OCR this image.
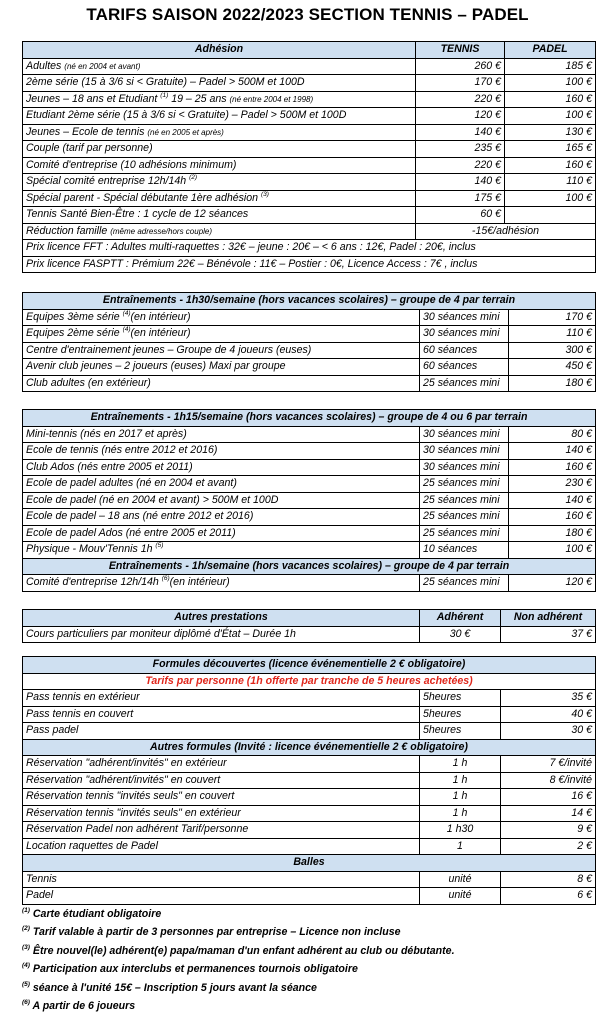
TARIFS SAISON 2022/2023 SECTION TENNIS – PADEL
Adhésion	TENNIS	PADEL
Adultes (né en 2004 et avant)	260 €	185 €
2ème série (15 à 3/6 si < Gratuite) – Padel > 500M et 100D	170 €	100 €
Jeunes – 18 ans et Etudiant $^{(1)}$ 19 – 25 ans (né entre 2004 et 1998)	220 €	160 €
Etudiant 2ème série (15 à 3/6 si < Gratuite) – Padel > 500M et 100D	120 €	100 €
Jeunes – Ecole de tennis (né en 2005 et après)	140 €	130 €
Couple (tarif par personne)	235 €	165 €
Comité d'entreprise (10 adhésions minimum)	220 €	160 €
Spécial comité entreprise 12h/14h $^{(2)}$	140 €	110 €
Spécial parent - Spécial débutante 1ère adhésion $^{(3)}$	175 €	100 €
Tennis Santé Bien-Être : 1 cycle de 12 séances	60 €	
Réduction famille (même adresse/hors couple)	-15€/adhésion	
Prix licence FFT : Adultes multi-raquettes : 32€ – jeune : 20€ – < 6 ans : 12€, Padel : 20€, inclus		
Prix licence FASPTT : Prémium 22€ – Bénévole : 11€ – Postier : 0€, Licence Access : 7€ , inclus		
Entraînements - 1h30/semaine (hors vacances scolaires) – groupe de 4 par terrain		
Equipes 3ème série $^{(4)}$(en intérieur)	30 séances mini	170 €
Equipes 2ème série $^{(4)}$(en intérieur)	30 séances mini	110 €
Centre d'entrainement jeunes – Groupe de 4 joueurs (euses)	60 séances	300 €
Avenir club jeunes – 2 joueurs (euses) Maxi par groupe	60 séances	450 €
Club adultes (en extérieur)	25 séances mini	180 €
Entraînements - 1h15/semaine (hors vacances scolaires) – groupe de 4 ou 6 par terrain		
Mini-tennis (nés en 2017 et après)	30 séances mini	80 €
Ecole de tennis (nés entre 2012 et 2016)	30 séances mini	140 €
Club Ados (nés entre 2005 et 2011)	30 séances mini	160 €
Ecole de padel adultes (né en 2004 et avant)	25 séances mini	230 €
Ecole de padel (né en 2004 et avant) > 500M et 100D	25 séances mini	140 €
Ecole de padel – 18 ans (né entre 2012 et 2016)	25 séances mini	160 €
Ecole de padel Ados (né entre 2005 et 2011)	25 séances mini	180 €
Physique - Mouv'Tennis 1h $^{(5)}$	10 séances	100 €
Entraînements - 1h/semaine (hors vacances scolaires) – groupe de 4 par terrain		
Comité d'entreprise 12h/14h $^{(6)}$(en intérieur)	25 séances mini	120 €
Autres prestations	Adhérent	Non adhérent
Cours particuliers par moniteur diplômé d'État – Durée 1h	30 €	37 €
Formules découvertes (licence événementielle 2 € obligatoire)		
Tarifs par personne (1h offerte par tranche de 5 heures achetées)		
Pass tennis en extérieur	5heures	35 €
Pass tennis en couvert	5heures	40 €
Pass padel	5heures	30 €
Autres formules (Invité : licence événementielle 2 € obligatoire)		
Réservation "adhérent/invités" en extérieur	1 h	7 €/invité
Réservation "adhérent/invités" en couvert	1 h	8 €/invité
Réservation tennis "invités seuls" en couvert	1 h	16 €
Réservation tennis "invités seuls" en extérieur	1 h	14 €
Réservation Padel non adhérent Tarif/personne	1 h30	9 €
Location raquettes de Padel	1	2 €
Balles		
Tennis	unité	8 €
Padel	unité	6 €
$^{(1)}$ Carte étudiant obligatoire
$^{(2)}$ Tarif valable à partir de 3 personnes par entreprise – Licence non incluse
$^{(3)}$ Être nouvel(le) adhérent(e) papa/maman d'un enfant adhérent au club ou débutante.
$^{(4)}$ Participation aux interclubs et permanences tournois obligatoire
$^{(5)}$ séance à l'unité 15€ – Inscription 5 jours avant la séance
$^{(6)}$ A partir de 6 joueurs
